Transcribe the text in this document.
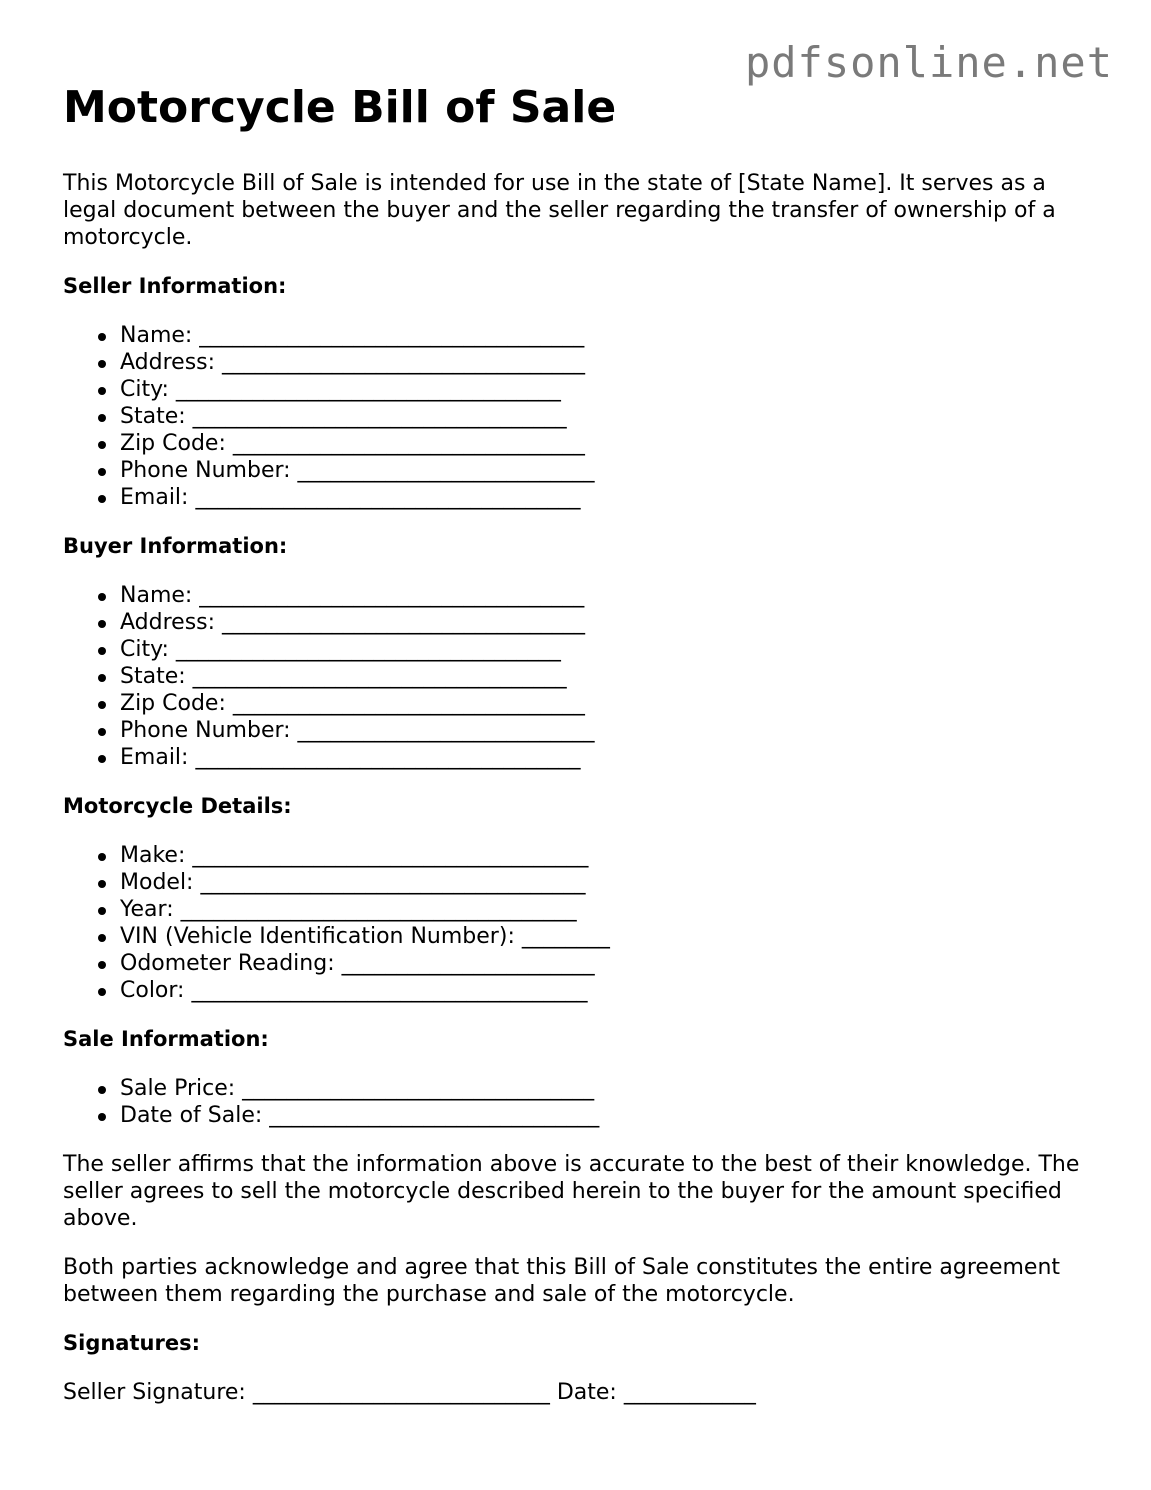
pdfsonline.net
Motorcycle Bill of Sale

This Motorcycle Bill of Sale is intended for use in the state of [State Name]. It serves as a legal document between the buyer and the seller regarding the transfer of ownership of a motorcycle.

Seller Information:
Name: ___________________________________
Address: _________________________________
City: ___________________________________
State: __________________________________
Zip Code: ________________________________
Phone Number: ___________________________
Email: ___________________________________
Buyer Information:
Name: ___________________________________
Address: _________________________________
City: ___________________________________
State: __________________________________
Zip Code: ________________________________
Phone Number: ___________________________
Email: ___________________________________
Motorcycle Details:
Make: ____________________________________
Model: ___________________________________
Year: ____________________________________
VIN (Vehicle Identification Number): ________
Odometer Reading: _______________________
Color: ____________________________________
Sale Information:
Sale Price: ________________________________
Date of Sale: ______________________________

The seller affirms that the information above is accurate to the best of their knowledge. The seller agrees to sell the motorcycle described herein to the buyer for the amount specified above.

Both parties acknowledge and agree that this Bill of Sale constitutes the entire agreement between them regarding the purchase and sale of the motorcycle.

Signatures:
Seller Signature: ___________________________ Date: ____________
